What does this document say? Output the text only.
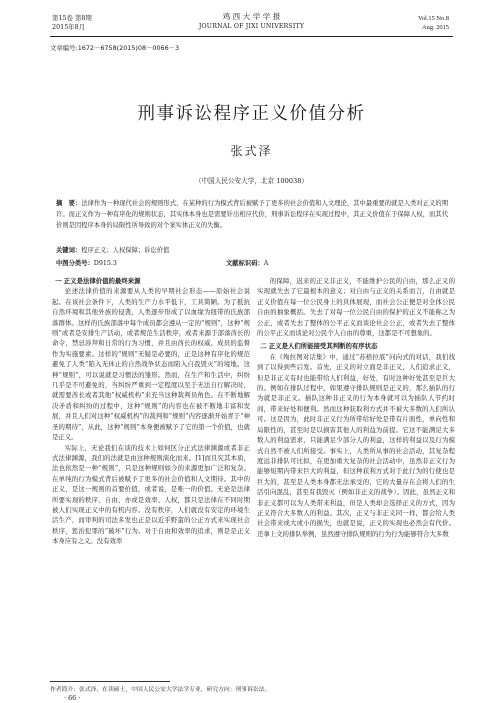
第15卷 第8期
2015年8月
鸡 西 大 学 学 报
JOURNAL OF JIXI UNIVERSITY
Vol.15 No.8
Aug. 2015
文章编号:1672－6758(2015)08－0066－3
刑事诉讼程序正义价值分析
张式泽
（中国人民公安大学，北京 100038）
摘　要：法律作为一种现代社会的规则形式，在某种的行为模式背后被赋予了更多的社会价值和人文理论，其中最重要的就是人类对正义的期许。而正义作为一种有序化的规则状态，其实体本身也是需要针出相应代价，刑事诉讼程序在实现过程中，其正义价值在于保障人权，而其代价则是因程序本身的局限性所导致的对个案实体正义的失衡。
关键词：程序正义；人权保障；诉讼价值
中图分类号：D915.3	文献标识码：A

一 正义是法律价值的最终来源

论述法律价值的来源要从人类的早期社会形态——原始社会说起。在该社会条件下，人类的生产力水平低下，工具简陋。为了抵抗自然环境和其他外族的侵袭，人类逐步形成了以血缘为纽带的氏族部落群体。这样的氏族部落中每个成员都会遵从一定的“规则”，这种“规则”或者是安排生产活动，或者规范生活秩序，或者来源于部落酋长的命令，禁忌涉拜和日常的行为习惯，并且由酋长的权威、成员的监督作为实施要素。这样的“规则”无疑是必要的，正是这种有序化的规范避免了人类“陷入无休止的自然战争状态而陷入自我毁灭”的境地。这种“规则”，可以说就是习惯法的雏形。然而，在生产和生活中，纠纷几乎是不可避免的，当纠纷严重到一定程度以至于无法自行解决时，就需要酋长或者其他“权威机构”来充当这种裁判员角色。在不断地解决矛盾和纠纷的过程中，这种“规则”的内容也在被不断地丰富和发展，并且人们对这种“权威机构”的裁判和“规则”内容逐渐开始青于“神圣的期待”，从此，这种“规则”本身便被赋予了它的第一个价值，也就是正义。

实际上，无论我们在谈的技术上如何区分正式法律渊源或者非正式法律渊源，我们的法就是由这种规则演化而来。[1]而且究其本质，法也依然是一种“规则”，只是这种规则如今的来源更加广泛和复杂。在单纯的行为模式背后被赋予了更多的社会价值和人文期待。其中的正义，是这一规则的首要价值，或者说，是唯一的价值。无论是法律所要实现的秩序、自由、亦或是效率、人权，都只是法律在不同时期被人们实现正义中的有机内容。没有秩序，人们就没有安定的环境生活生产，而审判的司法多发也正是以近乎野蛮的公正方式来实现社会秩序，惩治犯罪的“破坏”行为。对于自由和效率的追求，则是是正义本身应有之义。没有效率

的保障，迟来的正义非正义，不能维护公民的自由，那么正义的实现就失去了它最根本的意义；对自由与正义的关系而言，自由就是正义价值在每一位公民身上的具体展现，而社会公正便是对全体公民自由的抽象概括。失去了对每一位公民自由的保护的正义不能称之为公正，或者失去了整体的公平正义而谈论社会公正，或者失去了整体的公平正义而谈论对公民个人自由的尊重，这都是不可想象的。

二 正义是人们所能接受其判断的有序状态

在《殉拉图对话集》中，通过“苏格拉底”问向式的对话，我们找到了以得到些启发。首先，正义的对立面是非正义，人们追求正义，但是非正义有时也能带给人们利益，好处，有时这种好处甚至是巨大的。例如在排队过程中，如果遵守排队规则是正义的，那么插队的行为就是非正义。插队这种非正义的行为本身就可以为插队人节约时间，带来好处和便利。然而这种获取利方式并不被大多数的人们所认可。这是因为，此时非正义行为所带给好处是带有片面性，单向性和局限性的，甚至时是以损害其他人的利益为前提。它这不能满足大多数人的利益需求，只能满足少部分人的利益，这样的利益以及行为模式自然不被人们所接受。事实上，人类所从事的社会活动，其复杂程度远非排队可比拟，在更加重大复杂的社会活动中，虽然非正义行为能够短期内带来巨大的利益，但这种获利方式对于此行为的行使也是巨大的，甚至是人类本身都无法承受的，它的大量存在会将人们的生活引向混乱，甚至有我毁灭（例如非正义的战争）。因此，虽然正义和非正义都可以为人类带来利益，但是人类却会选择正义的方式，因为正义符合大多数人的利益。其次，正义与非正义同一样，都会给人类社会带来或大或小的损失，也就是说，正义的实现也必然会有代价。还拿上文的排队举例，虽然遵守排队规则的行为行为能够符合大多数

作者简介：张式泽，在读硕士，中国人民公安大学法学专业，研究方向：刑事诉讼法。
· 66 ·
